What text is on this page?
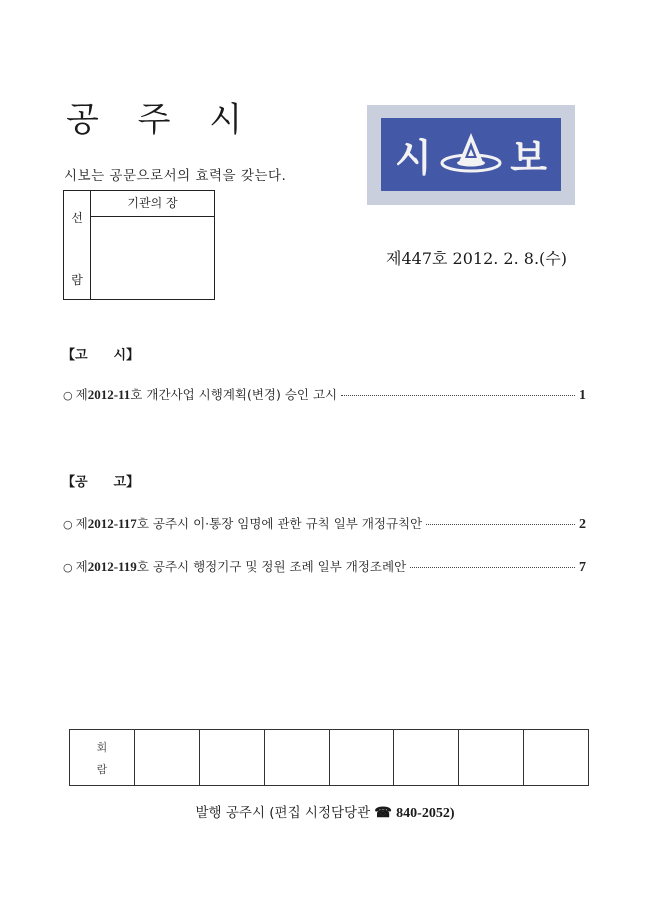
공 주 시
시보는 공문으로서의 효력을 갖는다.
선
람
기관의 장
시 보
제447호 2012. 2. 8.(수)
【고　　시】
○ 제 2012-11 호 개간사업 시행계획(변경) 승인 고시	1
【공　　고】
○ 제 2012-117 호 공주시 이·통장 임명에 관한 규칙 일부 개정규칙안	2
○ 제 2012-119 호 공주시 행정기구 및 정원 조례 일부 개정조례안	7
회
람
발행 공주시 (편집 시정담당관 ☎ 840-2052)
